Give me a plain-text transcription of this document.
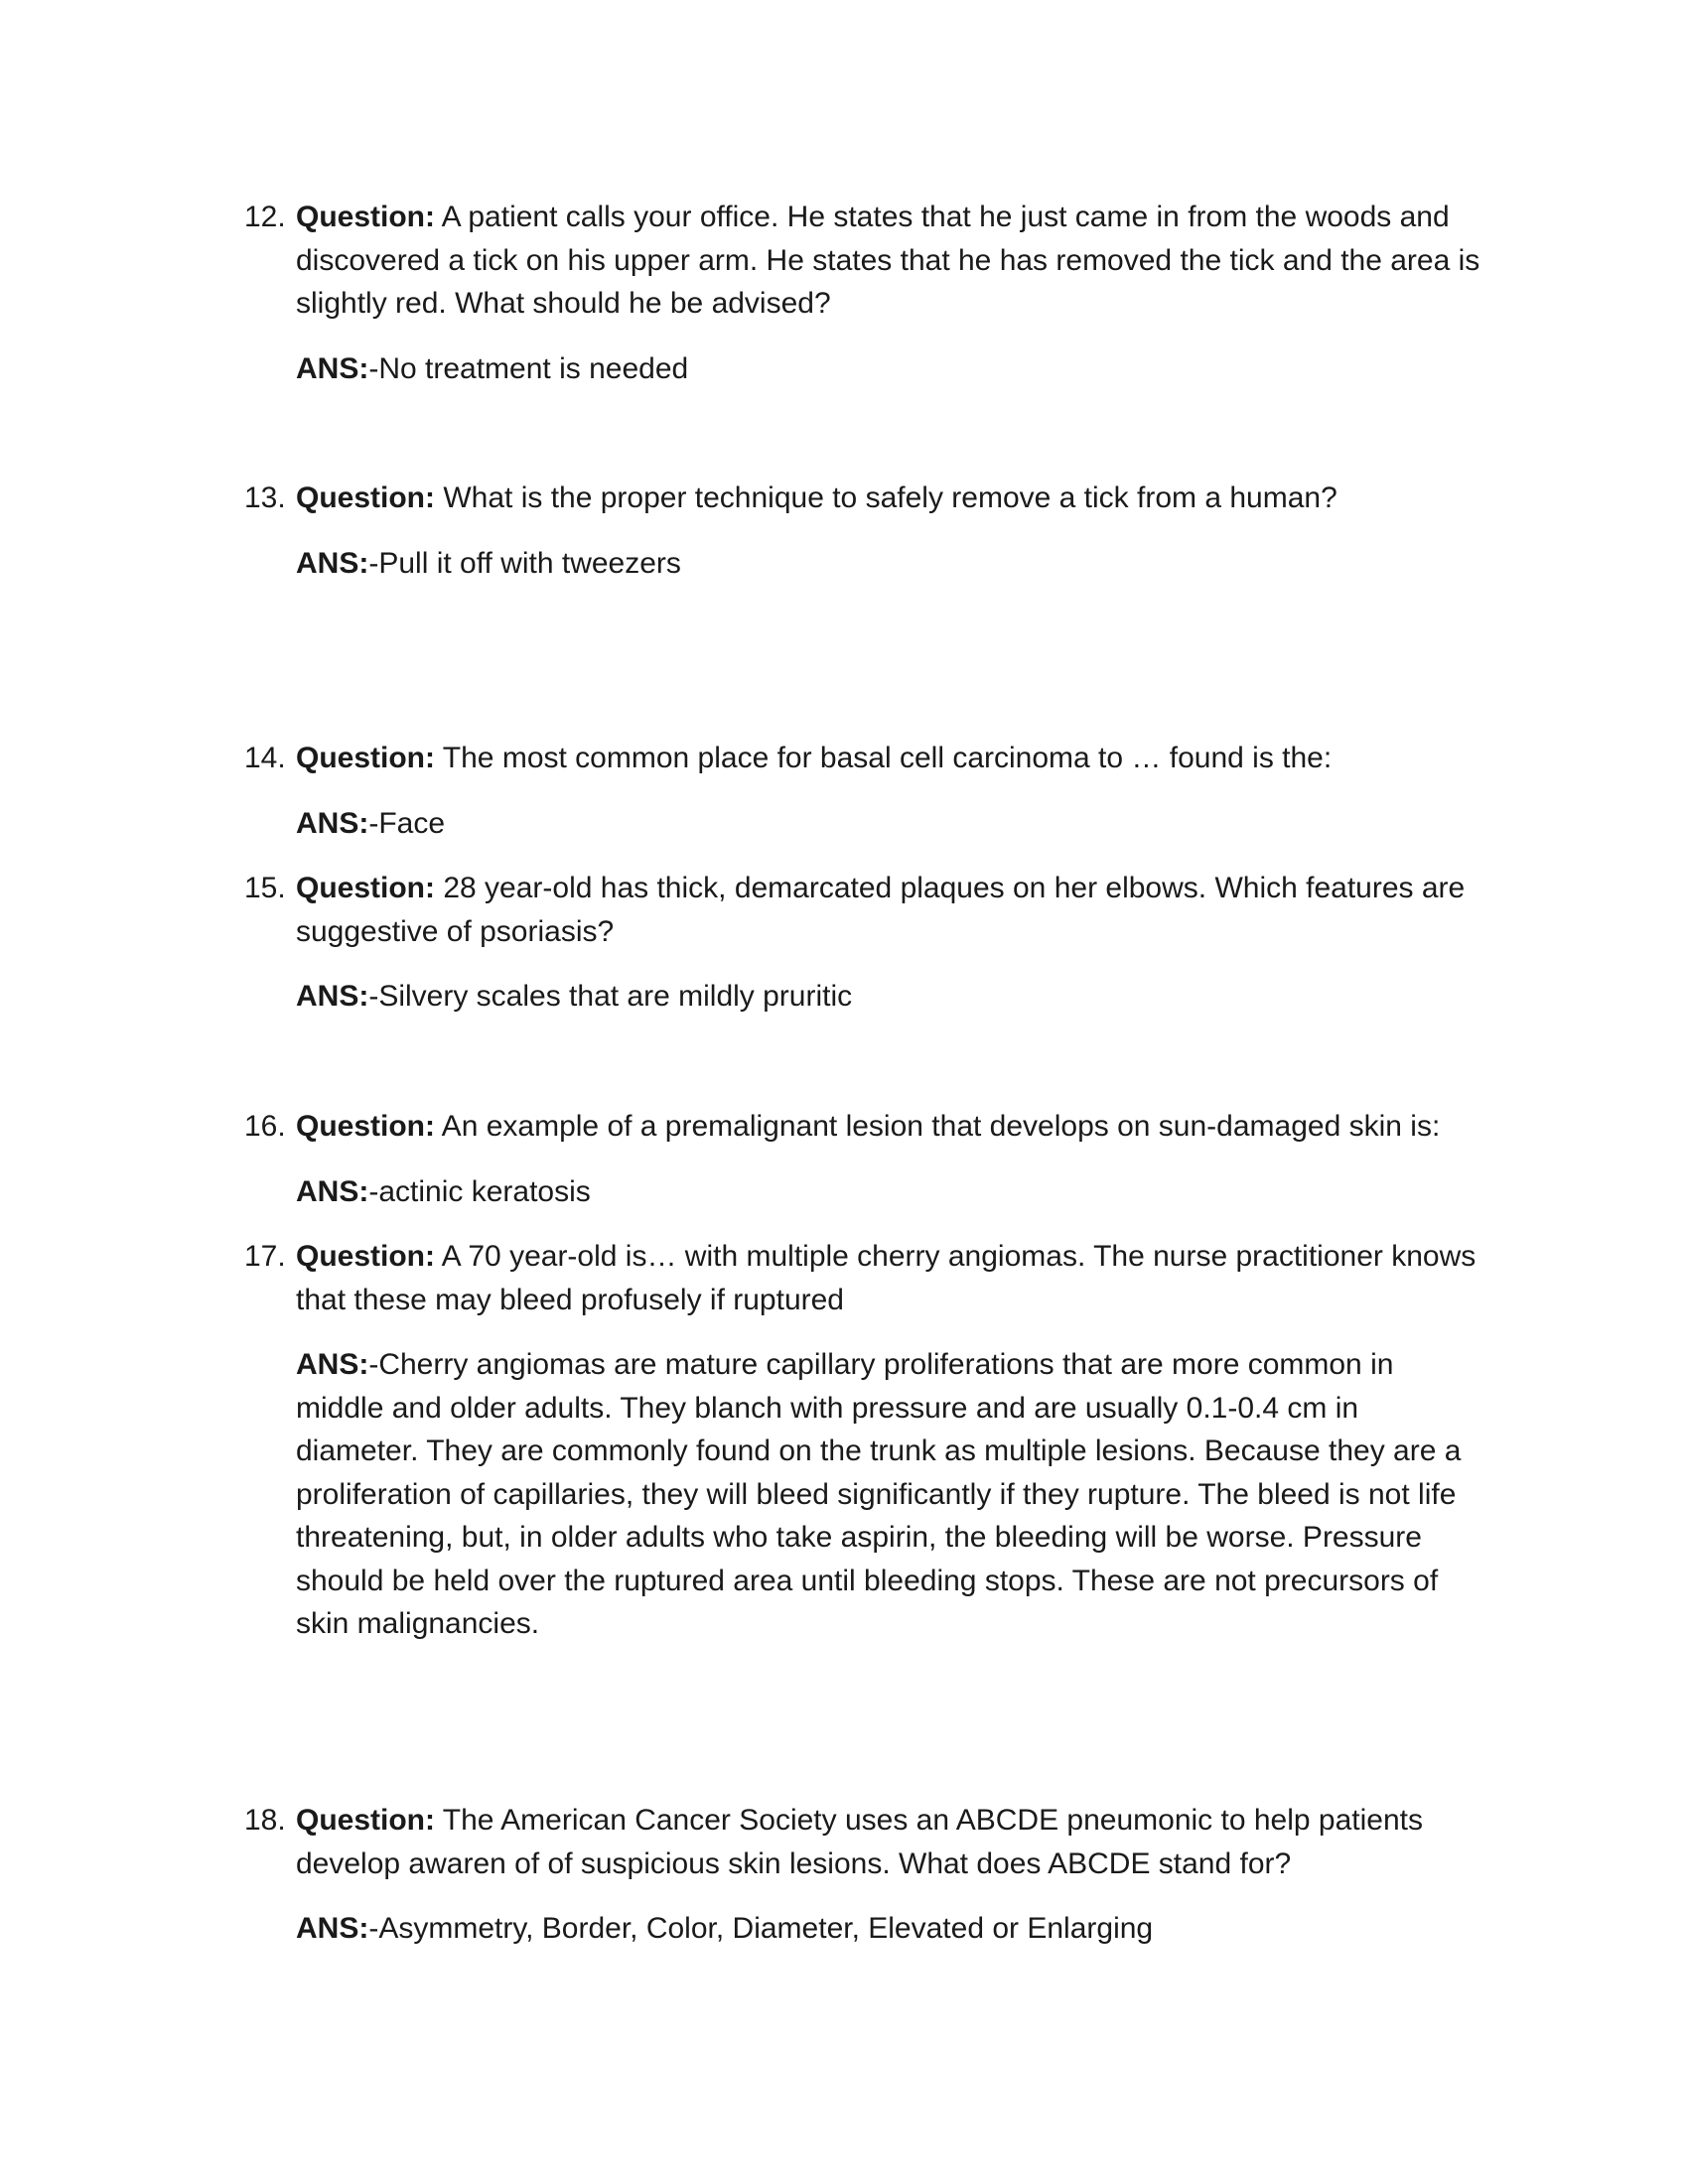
12. Question: A patient calls your office. He states that he just came in from the woods and discovered a tick on his upper arm. He states that he has removed the tick and the area is slightly red. What should he be advised?

ANS:-No treatment is needed

13. Question: What is the proper technique to safely remove a tick from a human?

ANS:-Pull it off with tweezers

14. Question: The most common place for basal cell carcinoma to … found is the:

ANS:-Face

15. Question: 28 year-old has thick, demarcated plaques on her elbows. Which features are suggestive of psoriasis?

ANS:-Silvery scales that are mildly pruritic

16. Question: An example of a premalignant lesion that develops on sun-damaged skin is:

ANS:-actinic keratosis

17. Question: A 70 year-old is… with multiple cherry angiomas. The nurse practitioner knows that these may bleed profusely if ruptured

ANS:-Cherry angiomas are mature capillary proliferations that are more common in middle and older adults. They blanch with pressure and are usually 0.1-0.4 cm in diameter. They are commonly found on the trunk as multiple lesions. Because they are a proliferation of capillaries, they will bleed significantly if they rupture. The bleed is not life threatening, but, in older adults who take aspirin, the bleeding will be worse. Pressure should be held over the ruptured area until bleeding stops. These are not precursors of skin malignancies.

18. Question: The American Cancer Society uses an ABCDE pneumonic to help patients develop awaren of of suspicious skin lesions. What does ABCDE stand for?

ANS:-Asymmetry, Border, Color, Diameter, Elevated or Enlarging
